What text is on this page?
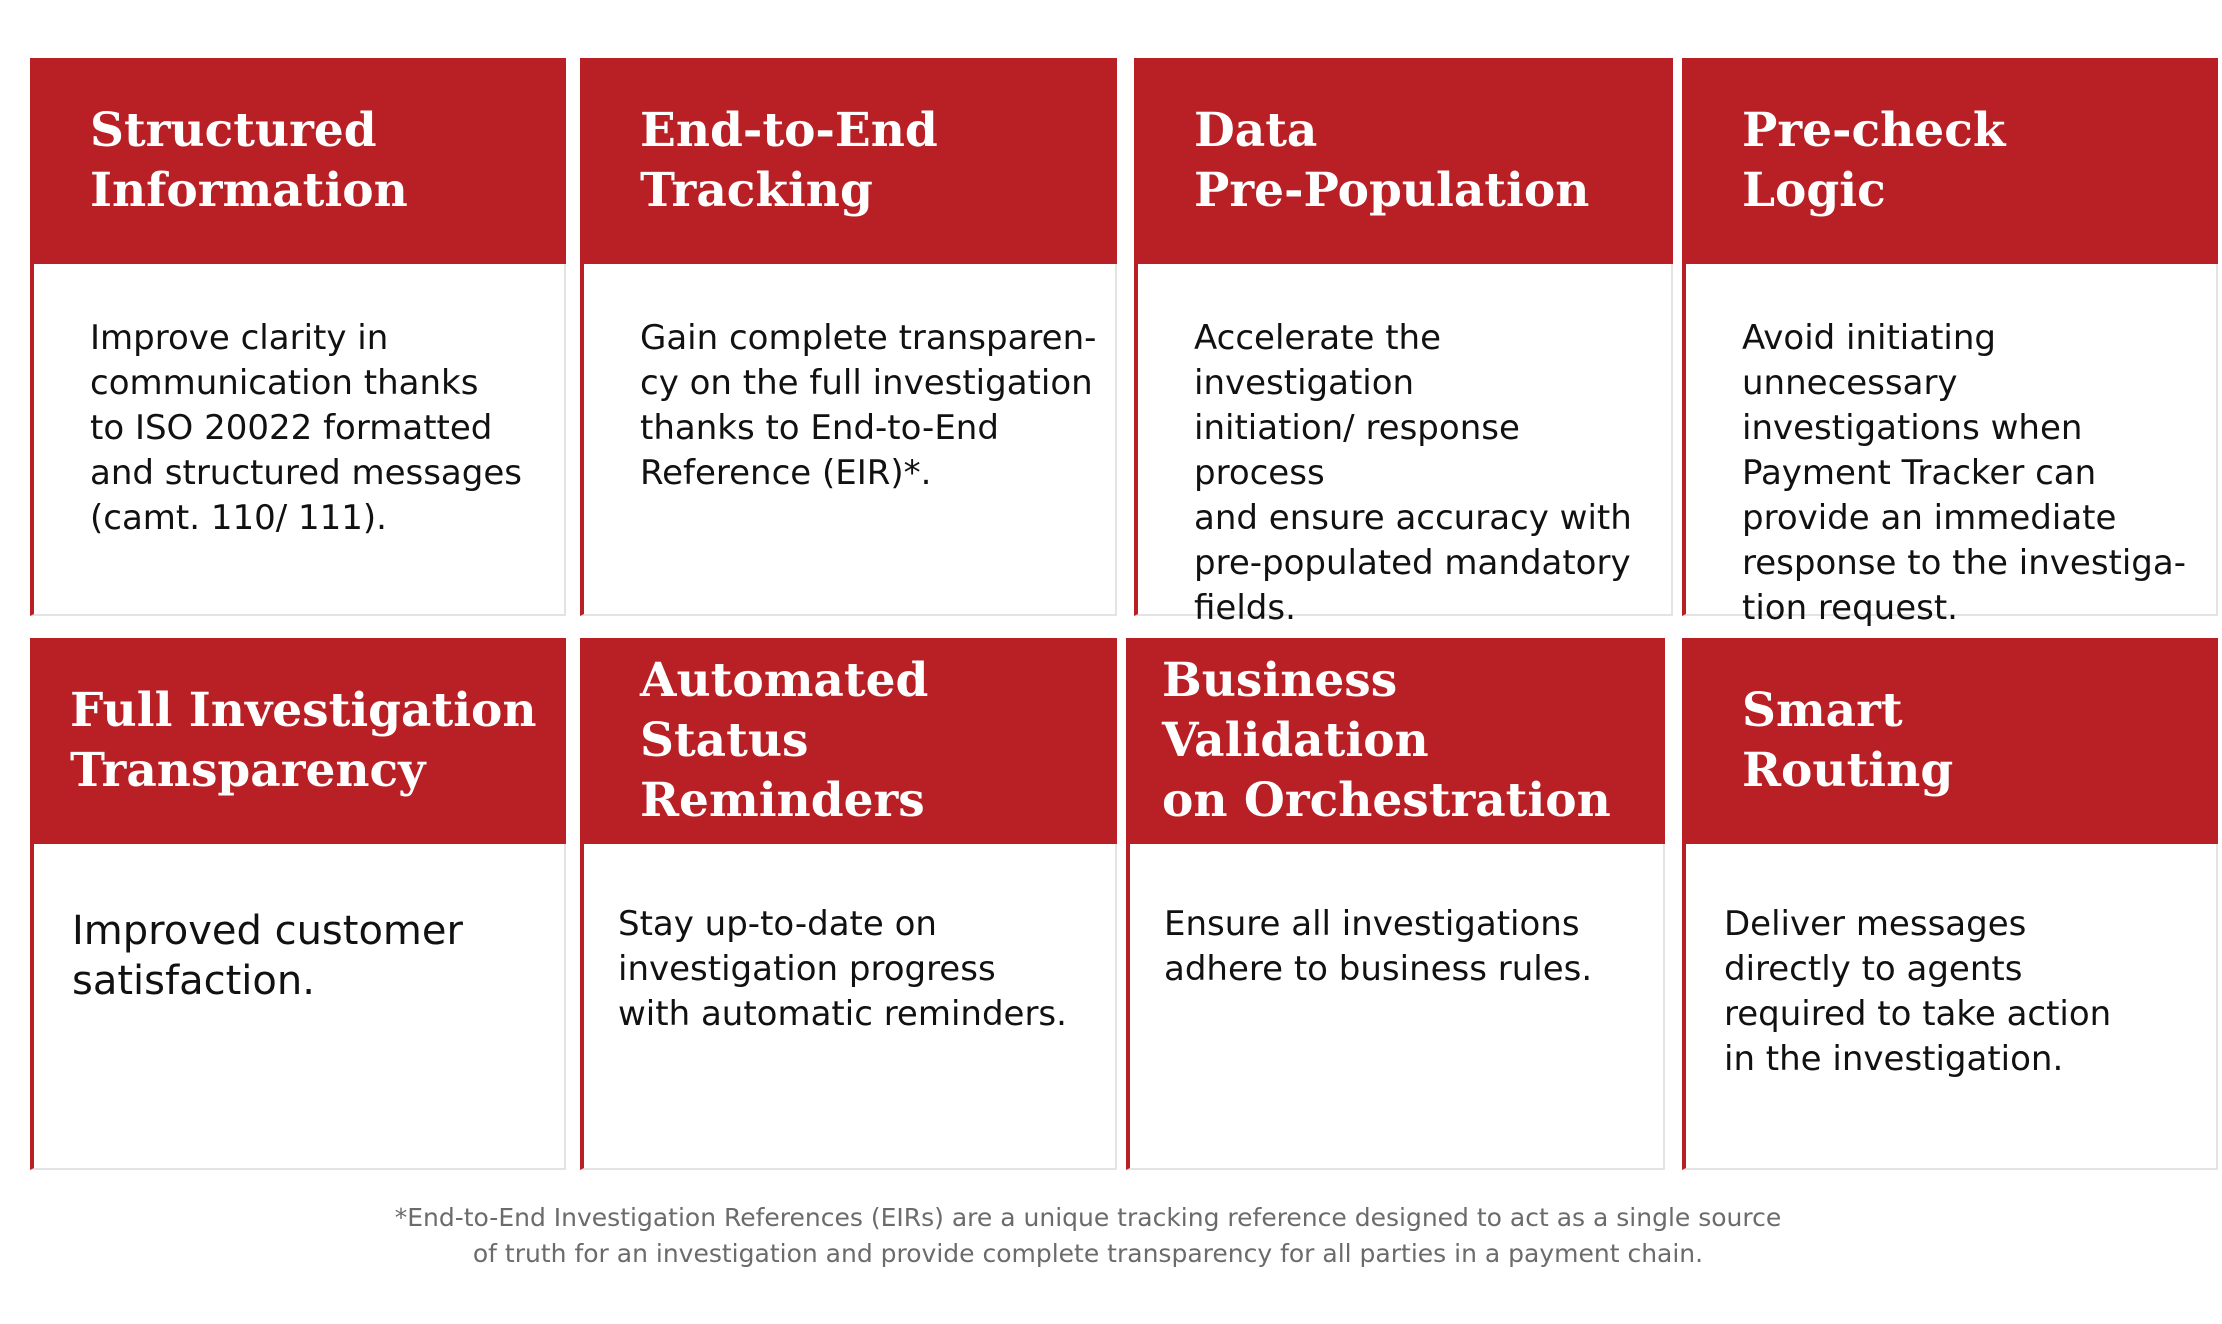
Structured
Information

Improve clarity in
communication thanks
to ISO 20022 formatted
and structured messages
(camt. 110/ 111).

End-to-End
Tracking

Gain complete transparen-
cy on the full investigation
thanks to End-to-End
Reference (EIR)*.

Data
Pre-Population

Accelerate the investigation
initiation/ response process
and ensure accuracy with
pre-populated mandatory
fields.

Pre-check
Logic

Avoid initiating unnecessary
investigations when
Payment Tracker can
provide an immediate
response to the investiga-
tion request.

Full Investigation
Transparency

Improved customer
satisfaction.

Automated
Status Reminders

Stay up-to-date on
investigation progress
with automatic reminders.

Business
Validation
on Orchestration

Ensure all investigations
adhere to business rules.

Smart
Routing

Deliver messages
directly to agents
required to take action
in the investigation.

*End-to-End Investigation References (EIRs) are a unique tracking reference designed to act as a single source
of truth for an investigation and provide complete transparency for all parties in a payment chain.
